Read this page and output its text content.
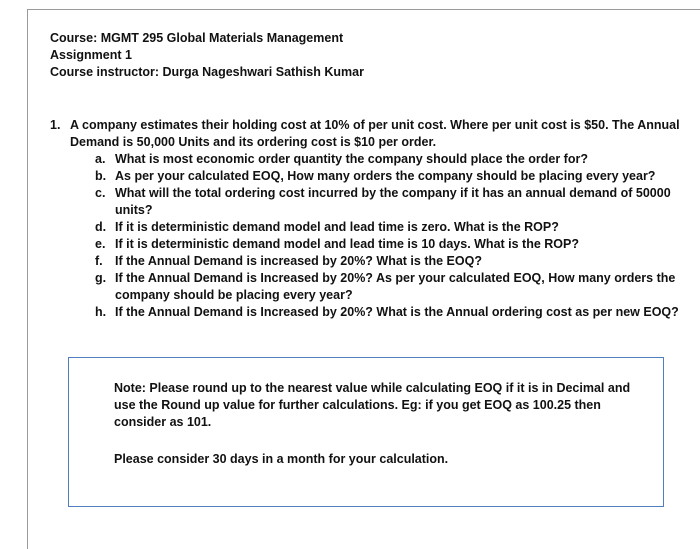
Course: MGMT 295 Global Materials Management
Assignment 1
Course instructor: Durga Nageshwari Sathish Kumar
1. A company estimates their holding cost at 10% of per unit cost. Where per unit cost is $50. The Annual Demand is 50,000 Units and its ordering cost is $10 per order.
a. What is most economic order quantity the company should place the order for?
b. As per your calculated EOQ, How many orders the company should be placing every year?
c. What will the total ordering cost incurred by the company if it has an annual demand of 50000 units?
d. If it is deterministic demand model and lead time is zero. What is the ROP?
e. If it is deterministic demand model and lead time is 10 days. What is the ROP?
f. If the Annual Demand is increased by 20%? What is the EOQ?
g. If the Annual Demand is Increased by 20%? As per your calculated EOQ, How many orders the company should be placing every year?
h. If the Annual Demand is Increased by 20%? What is the Annual ordering cost as per new EOQ?
Note: Please round up to the nearest value while calculating EOQ if it is in Decimal and use the Round up value for further calculations. Eg: if you get EOQ as 100.25 then consider as 101.
Please consider 30 days in a month for your calculation.
